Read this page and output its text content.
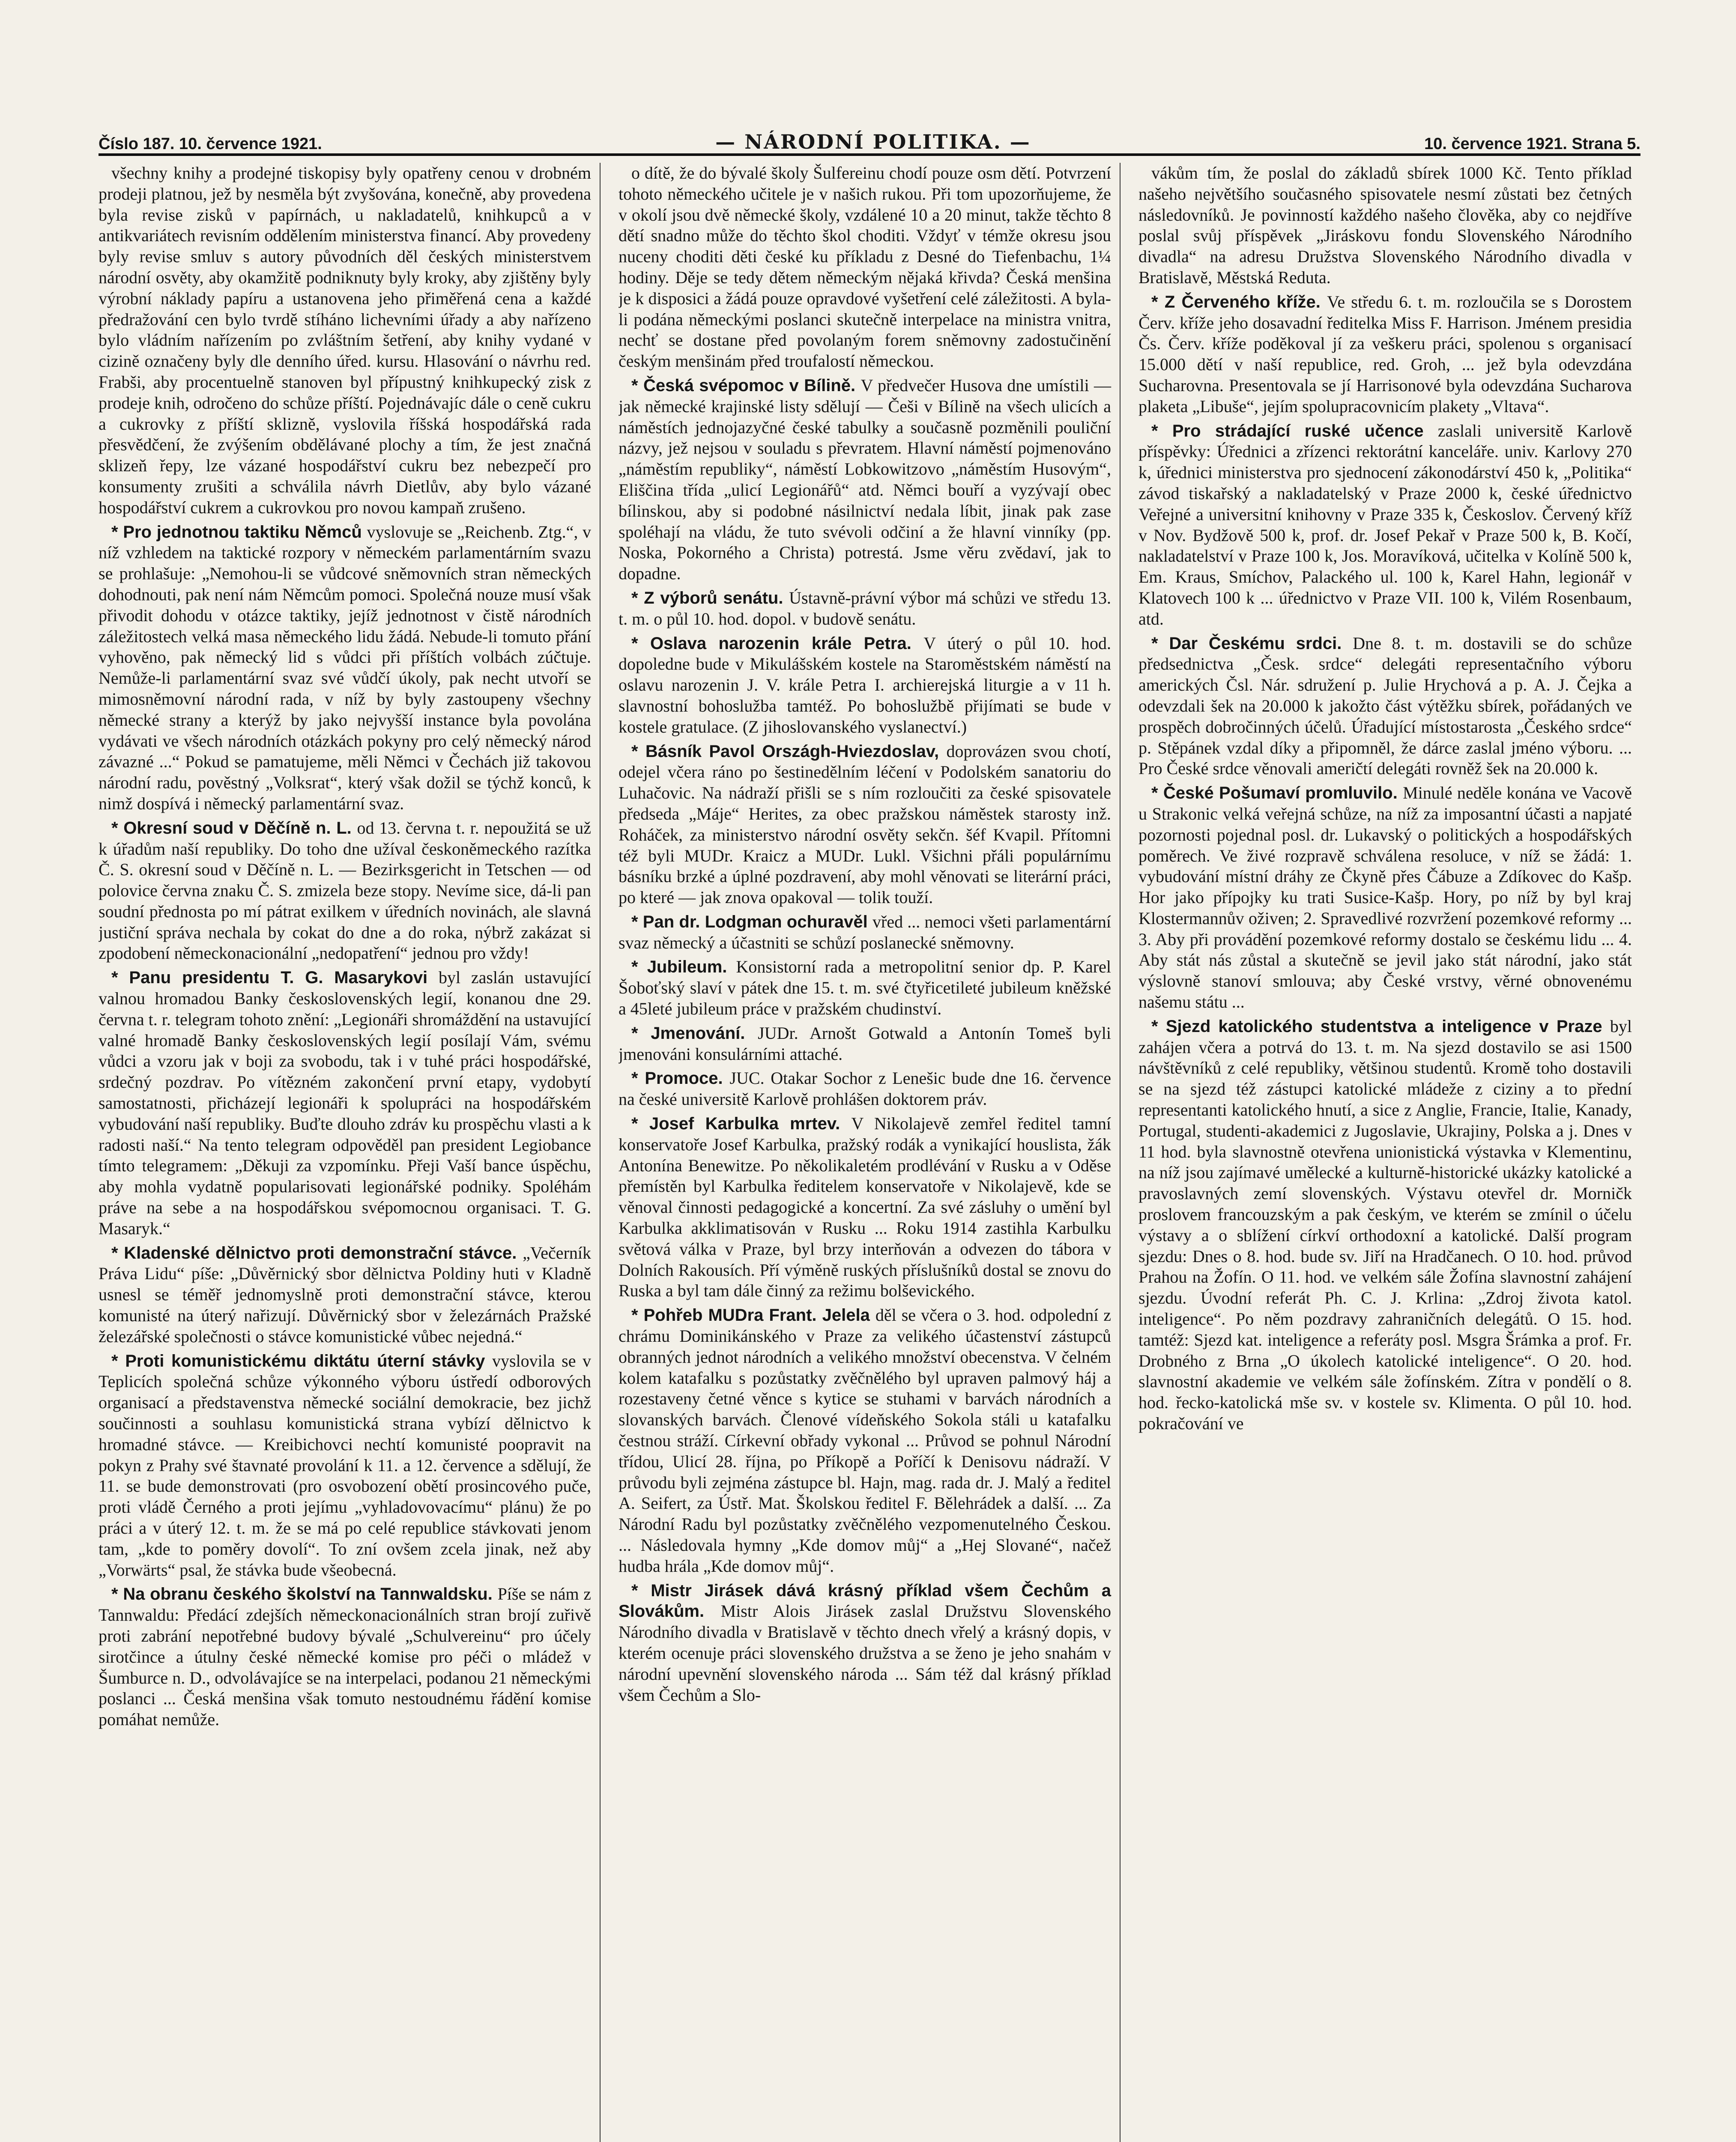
Číslo 187. 10. července 1921.	— NÁRODNÍ POLITIKA. —	10. července 1921. Strana 5.

všechny knihy a prodejné tiskopisy byly opatřeny cenou v drobném prodeji platnou, jež by nesměla být zvyšována, konečně, aby provedena byla revise zisků v papírnách, u nakladatelů, knihkupců a v antikvariátech revisním oddělením ministerstva financí. Aby provedeny byly revise smluv s autory původních děl českých ministerstvem národní osvěty, aby okamžitě podniknuty byly kroky, aby zjištěny byly výrobní náklady papíru a ustanovena jeho přiměřená cena a každé předražování cen bylo tvrdě stíháno lichevními úřady a aby nařízeno bylo vládním nařízením po zvláštním šetření, aby knihy vydané v cizině označeny byly dle denního úřed. kursu. Hlasování o návrhu red. Frabši, aby procentuelně stanoven byl přípustný knihkupecký zisk z prodeje knih, odročeno do schůze příští. Pojednávajíc dále o ceně cukru a cukrovky z příští sklizně, vyslovila říšská hospodářská rada přesvědčení, že zvýšením obdělávané plochy a tím, že jest značná sklizeň řepy, lze vázané hospodářství cukru bez nebezpečí pro konsumenty zrušiti a schválila návrh Dietlův, aby bylo vázané hospodářství cukrem a cukrovkou pro novou kampaň zrušeno.

* Pro jednotnou taktiku Němců vyslovuje se „Reichenb. Ztg.“, v níž vzhledem na taktické rozpory v německém parlamentárním svazu se prohlašuje: „Nemohou-li se vůdcové sněmovních stran německých dohodnouti, pak není nám Němcům pomoci. Společná nouze musí však přivodit dohodu v otázce taktiky, jejíž jednotnost v čistě národních záležitostech velká masa německého lidu žádá. Nebude-li tomuto přání vyhověno, pak německý lid s vůdci při příštích volbách zúčtuje. Nemůže-li parlamentární svaz své vůdčí úkoly, pak necht utvoří se mimosněmovní národní rada, v níž by byly zastoupeny všechny německé strany a kterýž by jako nejvyšší instance byla povolána vydávati ve všech národních otázkách pokyny pro celý německý národ závazné ...“ Pokud se pamatujeme, měli Němci v Čechách již takovou národní radu, pověstný „Volksrat“, který však dožil se týchž konců, k nimž dospívá i německý parlamentární svaz.

* Okresní soud v Děčíně n. L. od 13. června t. r. nepoužitá se už k úřadům naší republiky. Do toho dne užíval českoněmeckého razítka Č. S. okresní soud v Děčíně n. L. — Bezirksgericht in Tetschen — od polovice června znaku Č. S. zmizela beze stopy. Nevíme sice, dá-li pan soudní přednosta po mí pátrat exilkem v úředních novinách, ale slavná justiční správa nechala by cokat do dne a do roka, nýbrž zakázat si zpodobení německonacionální „nedopatření“ jednou pro vždy!

* Panu presidentu T. G. Masarykovi byl zaslán ustavující valnou hromadou Banky československých legií, konanou dne 29. června t. r. telegram tohoto znění: „Legionáři shromáždění na ustavující valné hromadě Banky československých legií posílají Vám, svému vůdci a vzoru jak v boji za svobodu, tak i v tuhé práci hospodářské, srdečný pozdrav. Po vítězném zakončení první etapy, vydobytí samostatnosti, přicházejí legionáři k spolupráci na hospodářském vybudování naší republiky. Buďte dlouho zdráv ku prospěchu vlasti a k radosti naší.“ Na tento telegram odpověděl pan president Legiobance tímto telegramem: „Děkuji za vzpomínku. Přeji Vaší bance úspěchu, aby mohla vydatně popularisovati legionářské podniky. Spoléhám práve na sebe a na hospodářskou svépomocnou organisaci. T. G. Masaryk.“

* Kladenské dělnictvo proti demonstrační stávce. „Večerník Práva Lidu“ píše: „Důvěrnický sbor dělnictva Poldiny huti v Kladně usnesl se téměř jednomyslně proti demonstrační stávce, kterou komunisté na úterý nařizují. Důvěrnický sbor v železárnách Pražské železářské společnosti o stávce komunistické vůbec nejedná.“

* Proti komunistickému diktátu úterní stávky vyslovila se v Teplicích společná schůze výkonného výboru ústředí odborových organisací a představenstva německé sociální demokracie, bez jichž součinnosti a souhlasu komunistická strana vybízí dělnictvo k hromadné stávce. — Kreibichovci nechtí komunisté poopravit na pokyn z Prahy své štavnaté provolání k 11. a 12. července a sdělují, že 11. se bude demonstrovati (pro osvobození obětí prosincového puče, proti vládě Černého a proti jejímu „vyhladovovacímu“ plánu) že po práci a v úterý 12. t. m. že se má po celé republice stávkovati jenom tam, „kde to poměry dovolí“. To zní ovšem zcela jinak, než aby „Vorwärts“ psal, že stávka bude všeobecná.

* Na obranu českého školství na Tannwaldsku. Píše se nám z Tannwaldu: Předácí zdejších německonacionálních stran brojí zuřivě proti zabrání nepotřebné budovy bývalé „Schulvereinu“ pro účely sirotčince a útulny české německé komise pro péči o mládež v Šumburce n. D., odvolávajíce se na interpelaci, podanou 21 německými poslanci ... Česká menšina však tomuto nestoudnému řádění komise pomáhat nemůže.

o dítě, že do bývalé školy Šulfereinu chodí pouze osm dětí. Potvrzení tohoto německého učitele je v našich rukou. Při tom upozorňujeme, že v okolí jsou dvě německé školy, vzdálené 10 a 20 minut, takže těchto 8 dětí snadno může do těchto škol choditi. Vždyť v témže okresu jsou nuceny choditi děti české ku příkladu z Desné do Tiefenbachu, 1¼ hodiny. Děje se tedy dětem německým nějaká křivda? Česká menšina je k disposici a žádá pouze opravdové vyšetření celé záležitosti. A byla-li podána německými poslanci skutečně interpelace na ministra vnitra, nechť se dostane před povolaným forem sněmovny zadostučinění českým menšinám před troufalostí německou.

* Česká svépomoc v Bílině. V předvečer Husova dne umístili — jak německé krajinské listy sdělují — Češi v Bílině na všech ulicích a náměstích jednojazyčné české tabulky a současně pozměnili pouliční názvy, jež nejsou v souladu s převratem. Hlavní náměstí pojmenováno „náměstím republiky“, náměstí Lobkowitzovo „náměstím Husovým“, Eliščina třída „ulicí Legionářů“ atd. Němci bouří a vyzývají obec bílinskou, aby si podobné násilnictví nedala líbit, jinak pak zase spoléhají na vládu, že tuto svévoli odčiní a že hlavní vinníky (pp. Noska, Pokorného a Christa) potrestá. Jsme věru zvědaví, jak to dopadne.

* Z výborů senátu. Ústavně-právní výbor má schůzi ve středu 13. t. m. o půl 10. hod. dopol. v budově senátu.

* Oslava narozenin krále Petra. V úterý o půl 10. hod. dopoledne bude v Mikulášském kostele na Staroměstském náměstí na oslavu narozenin J. V. krále Petra I. archierejská liturgie a v 11 h. slavnostní bohoslužba tamtéž. Po bohoslužbě přijímati se bude v kostele gratulace. (Z jihoslovanského vyslanectví.)

* Básník Pavol Országh-Hviezdoslav, doprovázen svou chotí, odejel včera ráno po šestinedělním léčení v Podolském sanatoriu do Luhačovic. Na nádraží přišli se s ním rozloučiti za české spisovatele předseda „Máje“ Herites, za obec pražskou náměstek starosty inž. Roháček, za ministerstvo národní osvěty sekčn. šéf Kvapil. Přítomni též byli MUDr. Kraicz a MUDr. Lukl. Všichni přáli populárnímu básníku brzké a úplné pozdravení, aby mohl věnovati se literární práci, po které — jak znova opakoval — tolik touží.

* Pan dr. Lodgman ochuravěl vřed ... nemoci všeti parlamentární svaz německý a účastniti se schůzí poslanecké sněmovny.

* Jubileum. Konsistorní rada a metropolitní senior dp. P. Karel Šoboťský slaví v pátek dne 15. t. m. své čtyřicetileté jubileum kněžské a 45leté jubileum práce v pražském chudinství.

* Jmenování. JUDr. Arnošt Gotwald a Antonín Tomeš byli jmenováni konsulárními attaché.

* Promoce. JUC. Otakar Sochor z Lenešic bude dne 16. července na české universitě Karlově prohlášen doktorem práv.

* Josef Karbulka mrtev. V Nikolajevě zemřel ředitel tamní konservatoře Josef Karbulka, pražský rodák a vynikající houslista, žák Antonína Benewitze. Po několikaletém prodlévání v Rusku a v Oděse přemístěn byl Karbulka ředitelem konservatoře v Nikolajevě, kde se věnoval činnosti pedagogické a koncertní. Za své zásluhy o umění byl Karbulka akklimatisován v Rusku ... Roku 1914 zastihla Karbulku světová válka v Praze, byl brzy interňován a odvezen do tábora v Dolních Rakousích. Pří výměně ruských příslušníků dostal se znovu do Ruska a byl tam dále činný za režimu bolševického.

* Pohřeb MUDra Frant. Jelela děl se včera o 3. hod. odpolední z chrámu Dominikánského v Praze za velikého účastenství zástupců obranných jednot národních a velikého množství obecenstva. V čelném kolem katafalku s pozůstatky zvěčnělého byl upraven palmový háj a rozestaveny četné věnce s kytice se stuhami v barvách národních a slovanských barvách. Členové vídeňského Sokola stáli u katafalku čestnou stráží. Církevní obřady vykonal ... Průvod se pohnul Národní třídou, Ulicí 28. října, po Příkopě a Poříčí k Denisovu nádraží. V průvodu byli zejména zástupce bl. Hajn, mag. rada dr. J. Malý a ředitel A. Seifert, za Ústř. Mat. Školskou ředitel F. Bělehrádek a další. ... Za Národní Radu byl pozůstatky zvěčnělého vezpomenutelného Českou. ... Následovala hymny „Kde domov můj“ a „Hej Slované“, načež hudba hrála „Kde domov můj“.

* Mistr Jirásek dává krásný příklad všem Čechům a Slovákům. Mistr Alois Jirásek zaslal Družstvu Slovenského Národního divadla v Bratislavě v těchto dnech vřelý a krásný dopis, v kterém ocenuje práci slovenského družstva a se ženo je jeho snahám v národní upevnění slovenského národa ... Sám též dal krásný příklad všem Čechům a Slo-

vákům tím, že poslal do základů sbírek 1000 Kč. Tento příklad našeho největšího současného spisovatele nesmí zůstati bez četných následovníků. Je povinností každého našeho člověka, aby co nejdříve poslal svůj příspěvek „Jiráskovu fondu Slovenského Národního divadla“ na adresu Družstva Slovenského Národního divadla v Bratislavě, Městská Reduta.

* Z Červeného kříže. Ve středu 6. t. m. rozloučila se s Dorostem Červ. kříže jeho dosavadní ředitelka Miss F. Harrison. Jménem presidia Čs. Červ. kříže poděkoval jí za veškeru práci, spolenou s organisací 15.000 dětí v naší republice, red. Groh, ... jež byla odevzdána Sucharovna. Presentovala se jí Harrisonové byla odevzdána Sucharova plaketa „Libuše“, jejím spolupracovnicím plakety „Vltava“.

* Pro strádající ruské učence zaslali universitě Karlově příspěvky: Úřednici a zřízenci rektorátní kanceláře. univ. Karlovy 270 k, úřednici ministerstva pro sjednocení zákonodárství 450 k, „Politika“ závod tiskařský a nakladatelský v Praze 2000 k, české úřednictvo Veřejné a universitní knihovny v Praze 335 k, Českoslov. Červený kříž v Nov. Bydžově 500 k, prof. dr. Josef Pekař v Praze 500 k, B. Kočí, nakladatelství v Praze 100 k, Jos. Moravíková, učitelka v Kolíně 500 k, Em. Kraus, Smíchov, Palackého ul. 100 k, Karel Hahn, legionář v Klatovech 100 k ... úřednictvo v Praze VII. 100 k, Vilém Rosenbaum, atd.

* Dar Českému srdci. Dne 8. t. m. dostavili se do schůze předsednictva „Česk. srdce“ delegáti representačního výboru amerických Čsl. Nár. sdružení p. Julie Hrychová a p. A. J. Čejka a odevzdali šek na 20.000 k jakožto část výtěžku sbírek, pořádaných ve prospěch dobročinných účelů. Úřadující místostarosta „Českého srdce“ p. Stěpánek vzdal díky a připomněl, že dárce zaslal jméno výboru. ... Pro České srdce věnovali američtí delegáti rovněž šek na 20.000 k.

* České Pošumaví promluvilo. Minulé neděle konána ve Vacově u Strakonic velká veřejná schůze, na níž za imposantní účasti a napjaté pozornosti pojednal posl. dr. Lukavský o politických a hospodářských poměrech. Ve živé rozpravě schválena resoluce, v níž se žádá: 1. vybudování místní dráhy ze Čkyně přes Čábuze a Zdíkovec do Kašp. Hor jako přípojky ku trati Susice-Kašp. Hory, po níž by byl kraj Klostermannův oživen; 2. Spravedlivé rozvržení pozemkové reformy ... 3. Aby při provádění pozemkové reformy dostalo se českému lidu ... 4. Aby stát nás zůstal a skutečně se jevil jako stát národní, jako stát výslovně stanoví smlouva; aby České vrstvy, věrné obnovenému našemu státu ...

* Sjezd katolického studentstva a inteligence v Praze byl zahájen včera a potrvá do 13. t. m. Na sjezd dostavilo se asi 1500 návštěvníků z celé republiky, většinou studentů. Kromě toho dostavili se na sjezd též zástupci katolické mládeže z ciziny a to přední representanti katolického hnutí, a sice z Anglie, Francie, Italie, Kanady, Portugal, studenti-akademici z Jugoslavie, Ukrajiny, Polska a j. Dnes v 11 hod. byla slavnostně otevřena unionistická výstavka v Klementinu, na níž jsou zajímavé umělecké a kulturně-historické ukázky katolické a pravoslavných zemí slovenských. Výstavu otevřel dr. Morničk proslovem francouzským a pak českým, ve kterém se zmínil o účelu výstavy a o sblížení církví orthodoxní a katolické. Další program sjezdu: Dnes o 8. hod. bude sv. Jiří na Hradčanech. O 10. hod. průvod Prahou na Žofín. O 11. hod. ve velkém sále Žofína slavnostní zahájení sjezdu. Úvodní referát Ph. C. J. Krlina: „Zdroj života katol. inteligence“. Po něm pozdravy zahraničních delegátů. O 15. hod. tamtéž: Sjezd kat. inteligence a referáty posl. Msgra Šrámka a prof. Fr. Drobného z Brna „O úkolech katolické inteligence“. O 20. hod. slavnostní akademie ve velkém sále žofínském. Zítra v pondělí o 8. hod. řecko-katolická mše sv. v kostele sv. Klimenta. O půl 10. hod. pokračování ve
